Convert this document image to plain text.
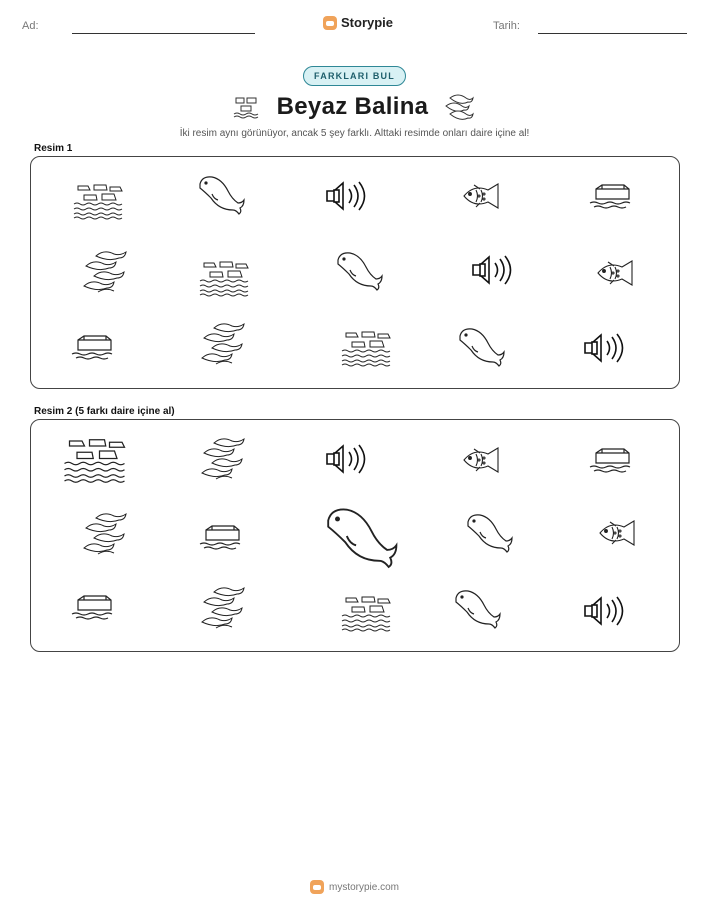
Ad:	Storypie	Tarih:
FARKLARI BUL
Beyaz Balina
İki resim aynı görünüyor, ancak 5 şey farklı. Alttaki resimde onları daire içine al!
Resim 1
Resim 2 (5 farkı daire içine al)
mystorypie.com
